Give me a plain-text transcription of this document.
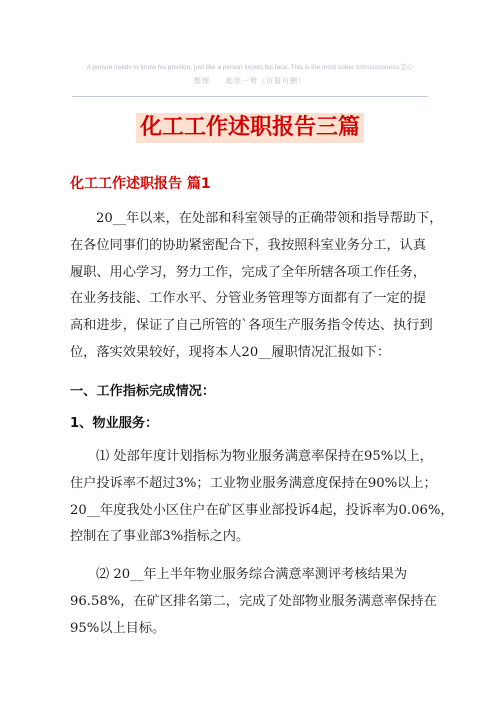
A person needs to know his position, just like a person knows his face. This is the most sober consciousness.恋心
整理　　助您一臂（页眉可删）
化工工作述职报告三篇
化工工作述职报告 篇1
20__年以来，在处部和科室领导的正确带领和指导帮助下，
在各位同事们的协助紧密配合下，我按照科室业务分工，认真
履职、用心学习，努力工作，完成了全年所辖各项工作任务，
在业务技能、工作水平、分管业务管理等方面都有了一定的提
高和进步，保证了自己所管的`各项生产服务指令传达、执行到
位，落实效果较好，现将本人20__履职情况汇报如下：
一、工作指标完成情况：
1、物业服务：
⑴ 处部年度计划指标为物业服务满意率保持在95%以上，
住户投诉率不超过3%；工业物业服务满意度保持在90%以上；
20__年度我处小区住户在矿区事业部投诉4起，投诉率为0.06%，
控制在了事业部3%指标之内。
⑵ 20__年上半年物业服务综合满意率测评考核结果为
96.58%，在矿区排名第二，完成了处部物业服务满意率保持在
95%以上目标。
